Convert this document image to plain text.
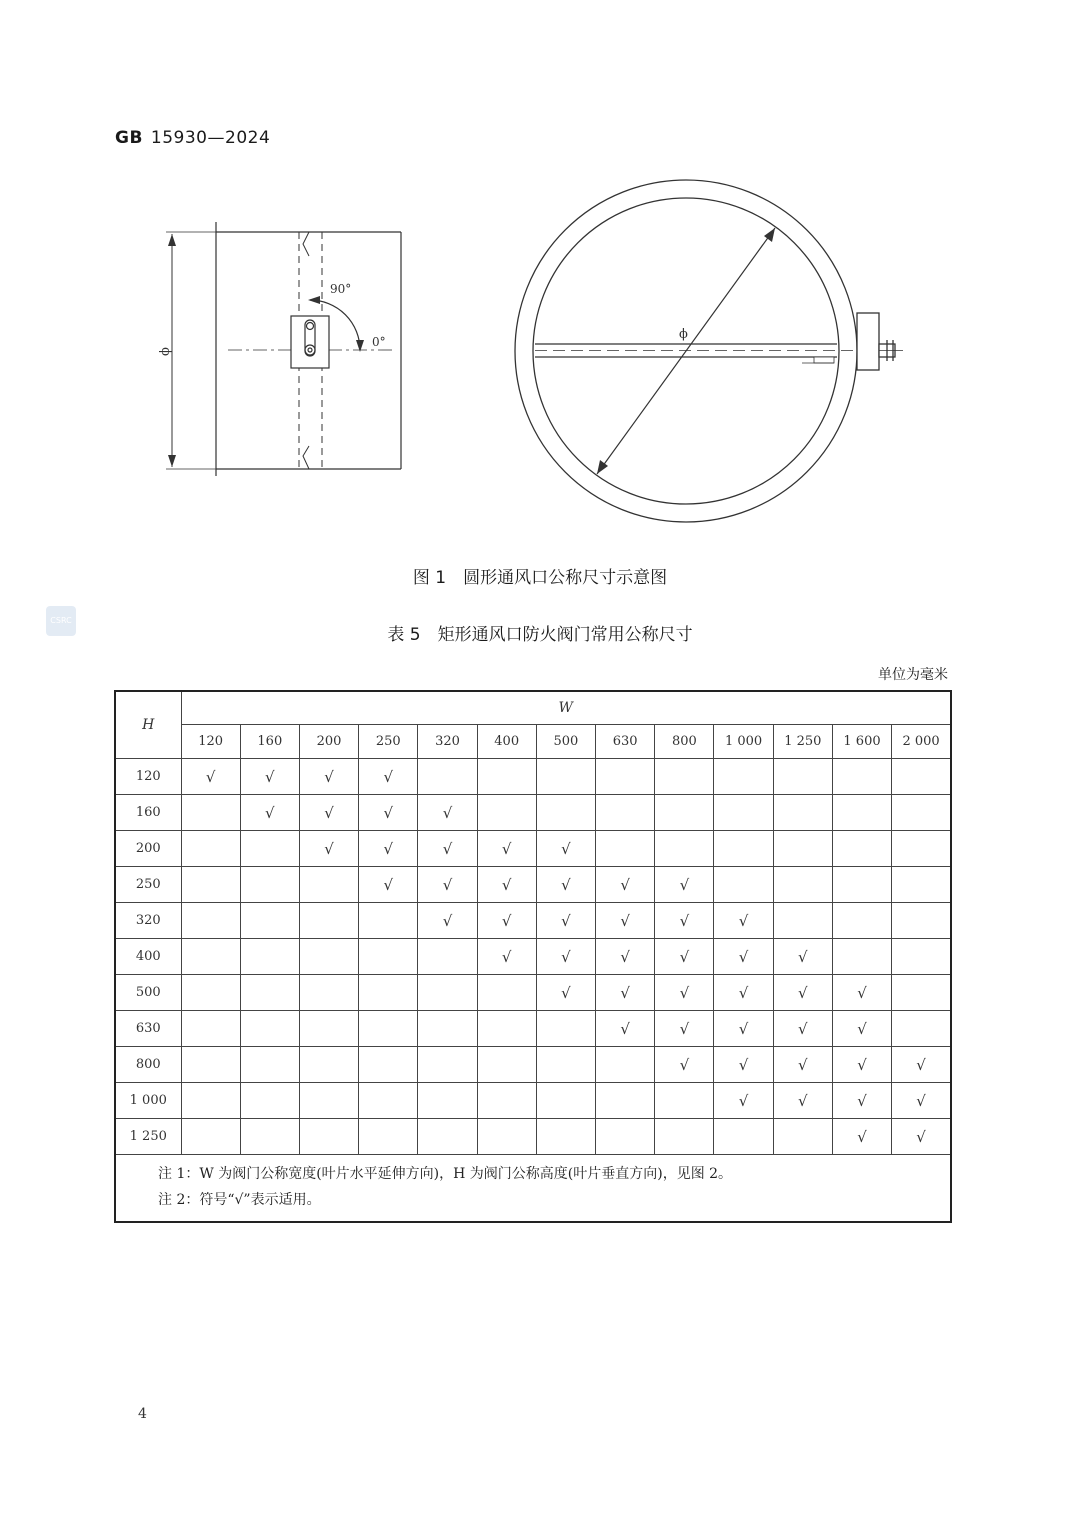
GB 15930—2024
90°
0°
ϕ
ϕ
图 1　圆形通风口公称尺寸示意图
CSRC
表 5　矩形通风口防火阀门常用公称尺寸
单位为毫米
H	W												
	120	160	200	250	320	400	500	630	800	1 000	1 250	1 600	2 000
120	√	√	√	√									
160		√	√	√	√								
200			√	√	√	√	√						
250				√	√	√	√	√	√				
320					√	√	√	√	√	√			
400						√	√	√	√	√	√		
500							√	√	√	√	√	√	
630								√	√	√	√	√	
800									√	√	√	√	√
1 000										√	√	√	√
1 250												√	√

注 1：W 为阀门公称宽度(叶片水平延伸方向)，H 为阀门公称高度(叶片垂直方向)，见图 2。
注 2：符号“√”表示适用。													
4
